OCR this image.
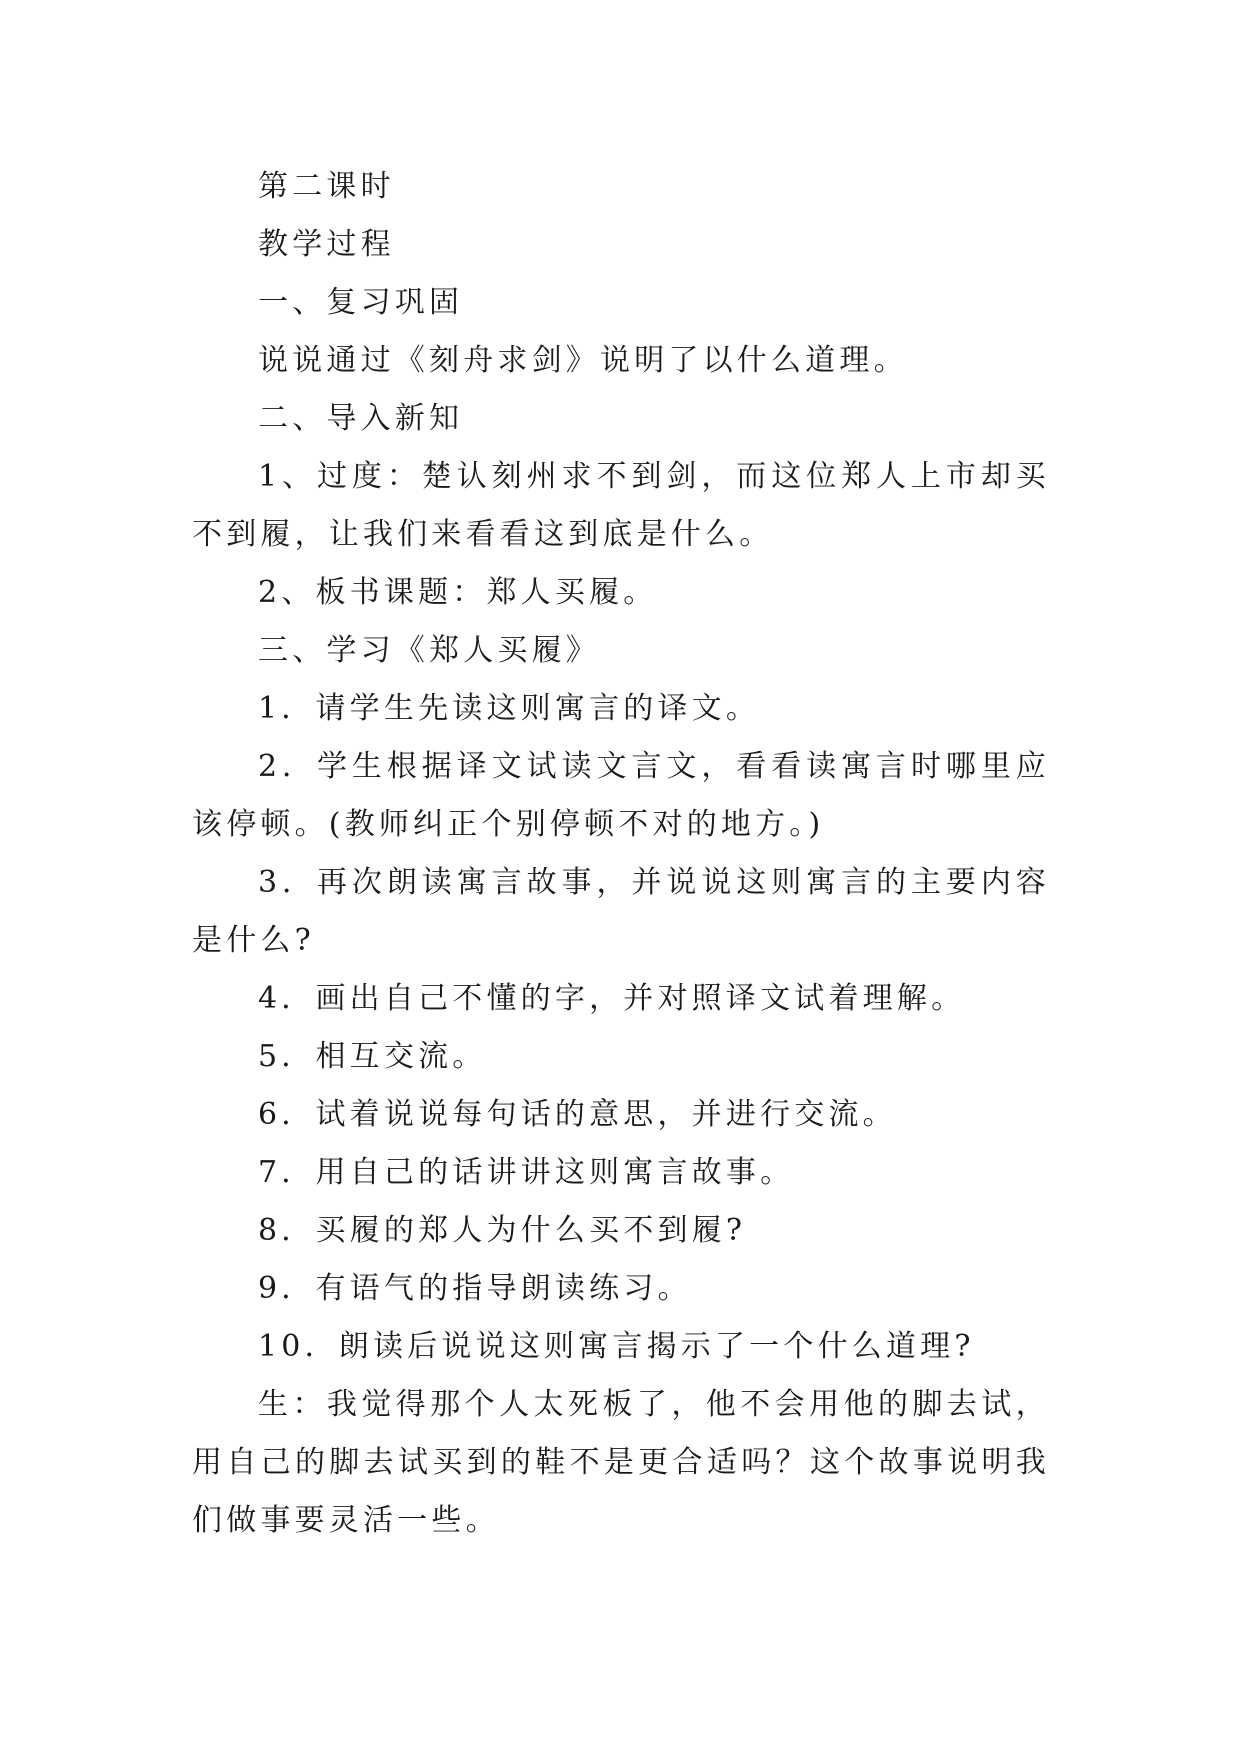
第二课时

教学过程

一、复习巩固

说说通过《刻舟求剑》说明了以什么道理。

二、导入新知

1、过度：楚认刻州求不到剑，而这位郑人上市却买不到履，让我们来看看这到底是什么。

2、板书课题：郑人买履。

三、学习《郑人买履》

1．请学生先读这则寓言的译文。

2．学生根据译文试读文言文，看看读寓言时哪里应该停顿。(教师纠正个别停顿不对的地方。)

3．再次朗读寓言故事，并说说这则寓言的主要内容是什么?

4．画出自己不懂的字，并对照译文试着理解。

5．相互交流。

6．试着说说每句话的意思，并进行交流。

7．用自己的话讲讲这则寓言故事。

8．买履的郑人为什么买不到履?

9．有语气的指导朗读练习。

10．朗读后说说这则寓言揭示了一个什么道理?

生：我觉得那个人太死板了，他不会用他的脚去试，用自己的脚去试买到的鞋不是更合适吗？这个故事说明我们做事要灵活一些。
